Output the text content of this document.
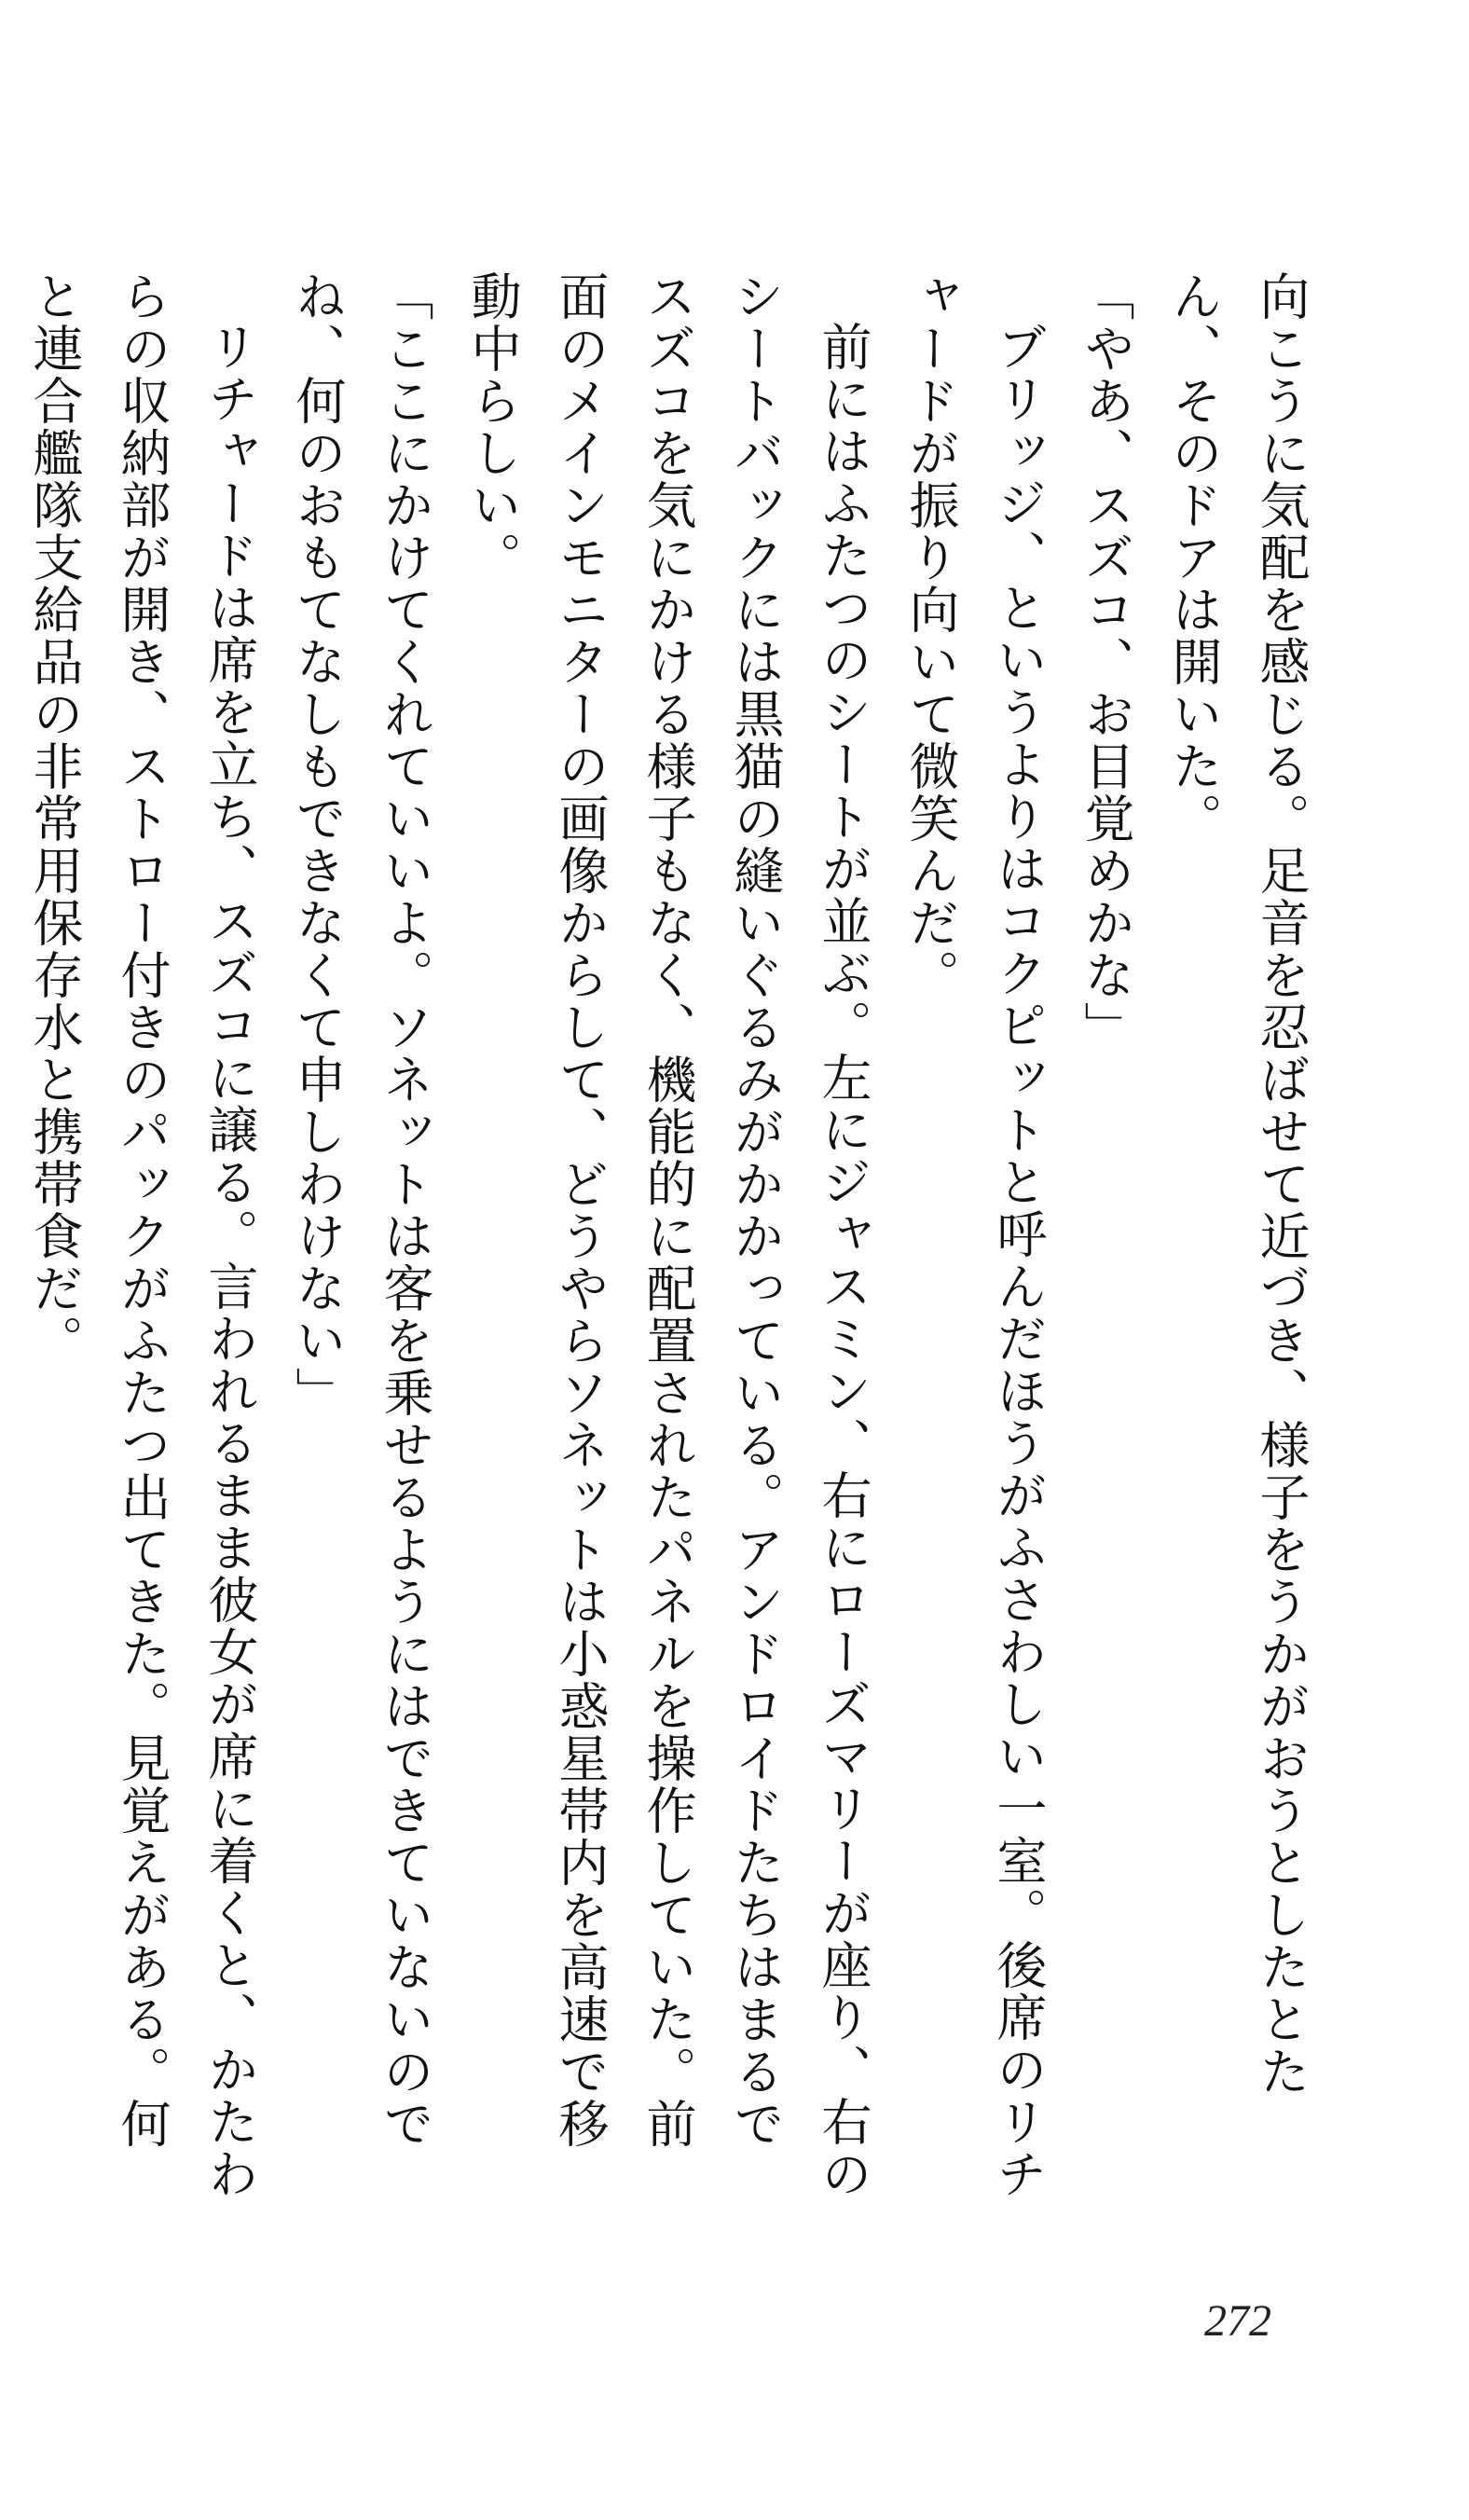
向こうに気配を感じる。足音を忍ばせて近づき、様子をうかがおうとしたとたん、そのドアは開いた。

「やあ、スズコ、お目覚めかな」

ブリッジ、というよりはコクピットと呼んだほうがふさわしい一室。後席のリチャードが振り向いて微笑んだ。

前にはふたつのシートが並ぶ。左にジャスミン、右にローズマリーが座り、右のシートバックには黒猫の縫いぐるみがかかっている。アンドロイドたちはまるでスズコを気にかける様子もなく、機能的に配置されたパネルを操作していた。前面のメインモニターの画像からして、どうやらソネットは小惑星帯内を高速で移動中らしい。

「ここにかけてくれていいよ。ソネットは客を乗せるようにはできていないのでね、何のおもてなしもできなくて申しわけない」

リチャードは席を立ち、スズコに譲る。言われるまま彼女が席に着くと、かたわらの収納部が開き、ストロー付きのパックがふたつ出てきた。見覚えがある。何と連合艦隊支給品の非常用保存水と携帯食だ。

272
